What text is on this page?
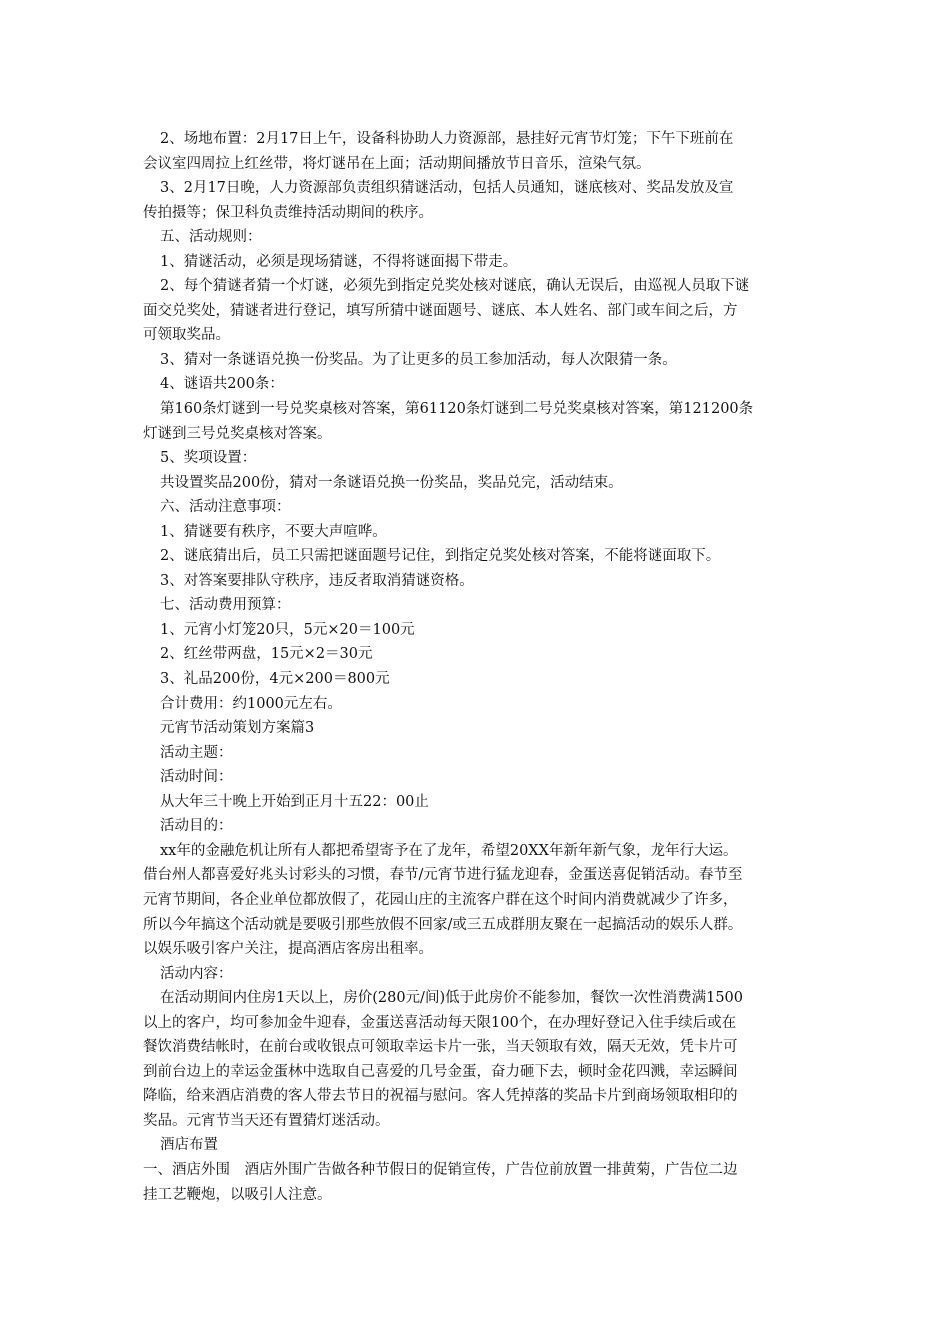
2、场地布置：2月17日上午，设备科协助人力资源部，悬挂好元宵节灯笼；下午下班前在
会议室四周拉上红丝带，将灯谜吊在上面；活动期间播放节日音乐，渲染气氛。
3、2月17日晚，人力资源部负责组织猜谜活动，包括人员通知，谜底核对、奖品发放及宣
传拍摄等；保卫科负责维持活动期间的秩序。
五、活动规则：
1、猜谜活动，必须是现场猜谜，不得将谜面揭下带走。
2、每个猜谜者猜一个灯谜，必须先到指定兑奖处核对谜底，确认无误后，由巡视人员取下谜
面交兑奖处，猜谜者进行登记，填写所猜中谜面题号、谜底、本人姓名、部门或车间之后，方
可领取奖品。
3、猜对一条谜语兑换一份奖品。为了让更多的员工参加活动，每人次限猜一条。
4、谜语共200条：
第160条灯谜到一号兑奖桌核对答案，第61120条灯谜到二号兑奖桌核对答案，第121200条
灯谜到三号兑奖桌核对答案。
5、奖项设置：
共设置奖品200份，猜对一条谜语兑换一份奖品，奖品兑完，活动结束。
六、活动注意事项：
1、猜谜要有秩序，不要大声喧哗。
2、谜底猜出后，员工只需把谜面题号记住，到指定兑奖处核对答案，不能将谜面取下。
3、对答案要排队守秩序，违反者取消猜谜资格。
七、活动费用预算：
1、元宵小灯笼20只，5元×20＝100元
2、红丝带两盘，15元×2＝30元
3、礼品200份，4元×200＝800元
合计费用：约1000元左右。
元宵节活动策划方案篇3
活动主题：
活动时间：
从大年三十晚上开始到正月十五22：00止
活动目的：
xx年的金融危机让所有人都把希望寄予在了龙年，希望20XX年新年新气象，龙年行大运。
借台州人都喜爱好兆头讨彩头的习惯，春节/元宵节进行猛龙迎春，金蛋送喜促销活动。春节至
元宵节期间，各企业单位都放假了，花园山庄的主流客户群在这个时间内消费就减少了许多，
所以今年搞这个活动就是要吸引那些放假不回家/或三五成群朋友聚在一起搞活动的娱乐人群。
以娱乐吸引客户关注，提高酒店客房出租率。
活动内容：
在活动期间内住房1天以上，房价(280元/间)低于此房价不能参加，餐饮一次性消费满1500
以上的客户，均可参加金牛迎春，金蛋送喜活动每天限100个，在办理好登记入住手续后或在
餐饮消费结帐时，在前台或收银点可领取幸运卡片一张，当天领取有效，隔天无效，凭卡片可
到前台边上的幸运金蛋林中选取自己喜爱的几号金蛋，奋力砸下去，顿时金花四溅，幸运瞬间
降临，给来酒店消费的客人带去节日的祝福与慰问。客人凭掉落的奖品卡片到商场领取相印的
奖品。元宵节当天还有置猜灯迷活动。
酒店布置
一、酒店外围　酒店外围广告做各种节假日的促销宣传，广告位前放置一排黄菊，广告位二边
挂工艺鞭炮，以吸引人注意。
